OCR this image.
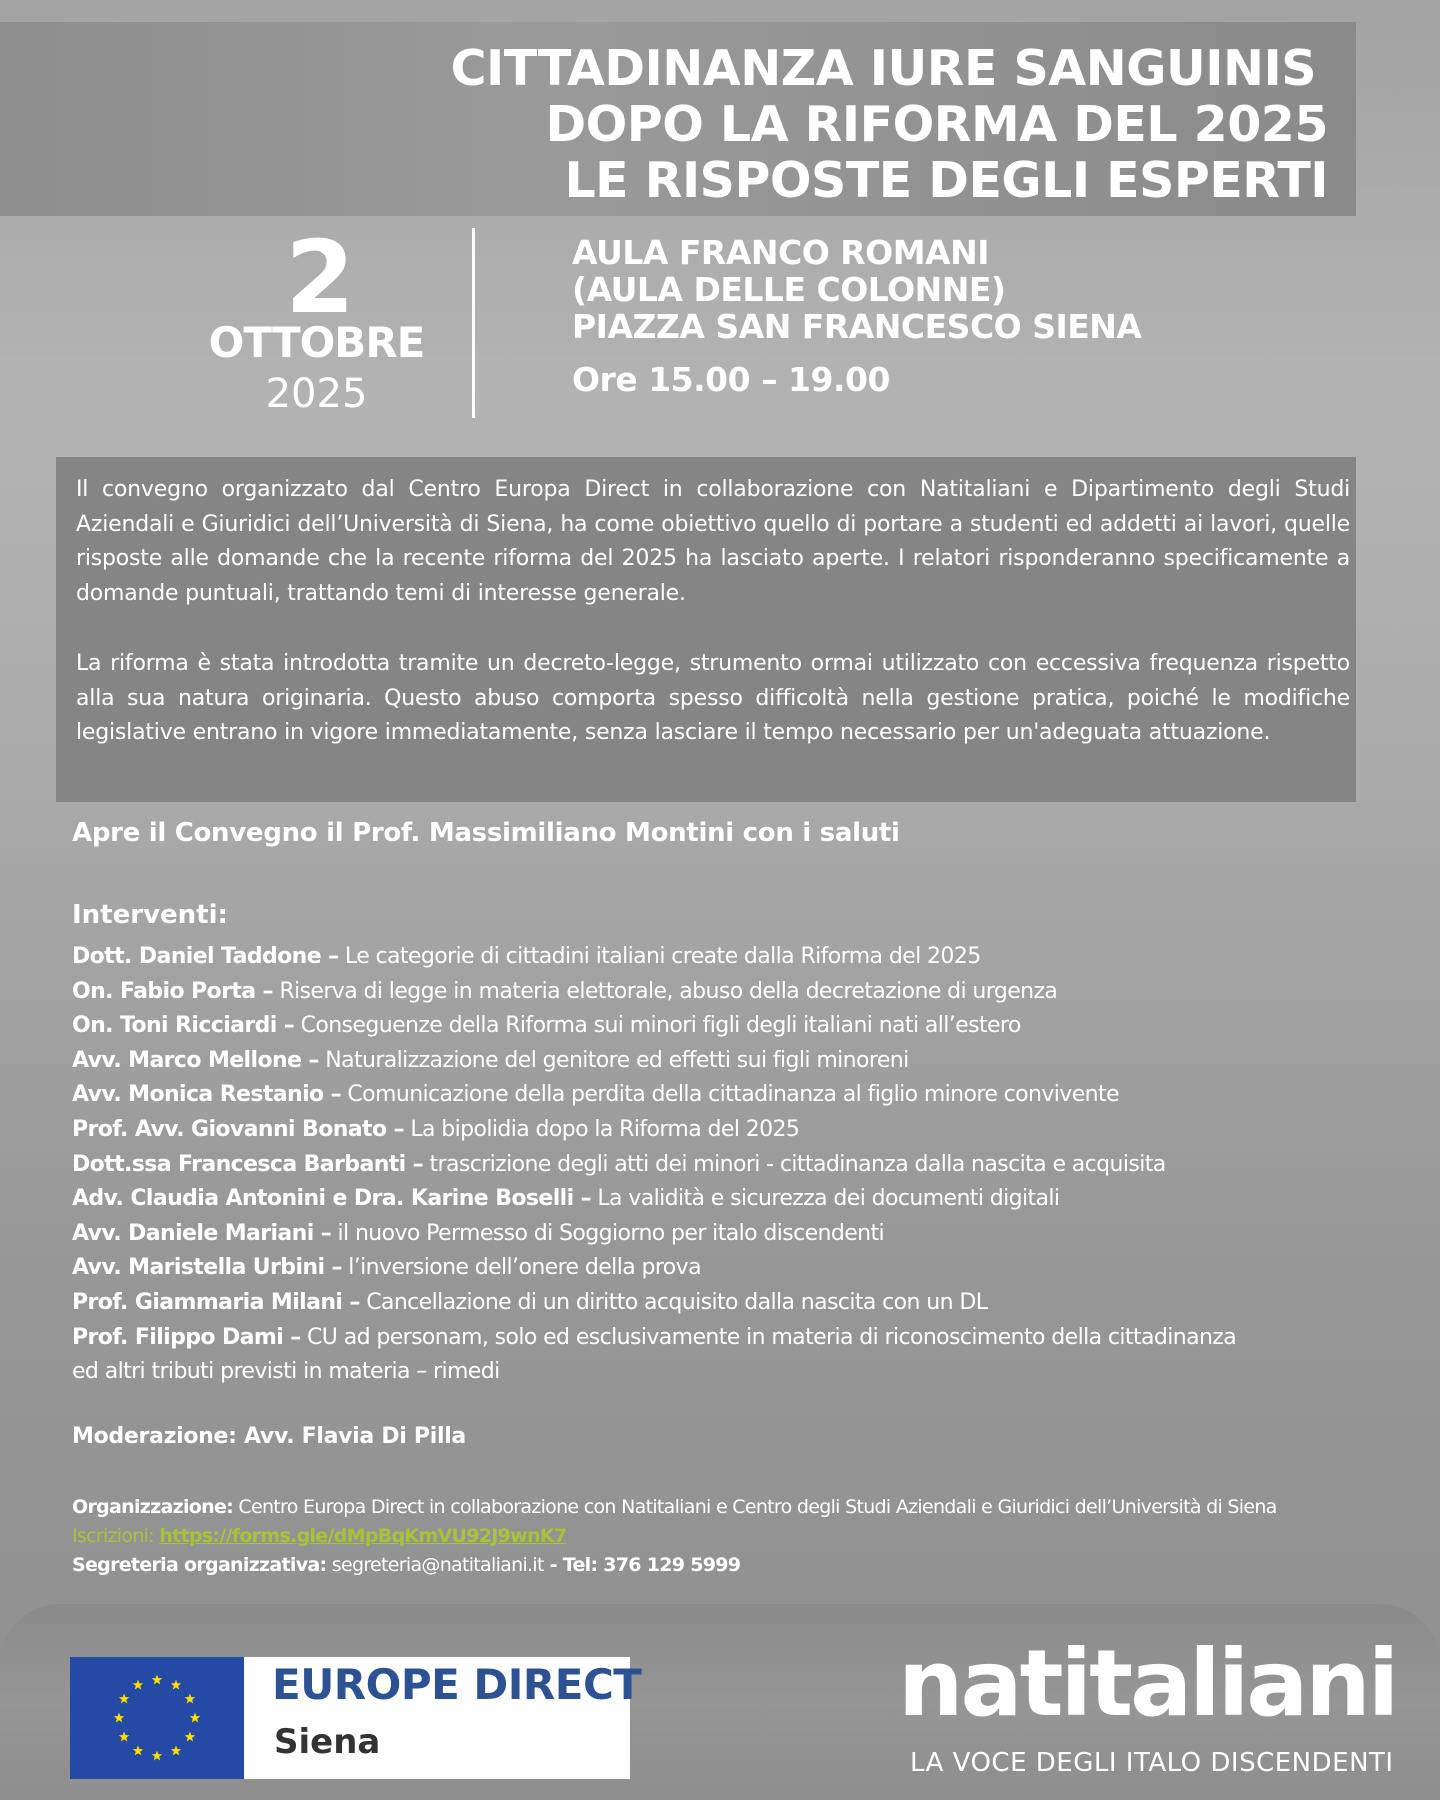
CITTADINANZA IURE SANGUINIS
DOPO LA RIFORMA DEL 2025
LE RISPOSTE DEGLI ESPERTI
2
OTTOBRE
2025
AULA FRANCO ROMANI
(AULA DELLE COLONNE)
PIAZZA SAN FRANCESCO SIENA
Ore 15.00 – 19.00

Il convegno organizzato dal Centro Europa Direct in collaborazione con Natitaliani e Dipartimento degli Studi Aziendali e Giuridici dell’Università di Siena, ha come obiettivo quello di portare a studenti ed addetti ai lavori, quelle risposte alle domande che la recente riforma del 2025 ha lasciato aperte. I relatori risponderanno specificamente a domande puntuali, trattando temi di interesse generale.

La riforma è stata introdotta tramite un decreto-legge, strumento ormai utilizzato con eccessiva frequenza rispetto alla sua natura originaria. Questo abuso comporta spesso difficoltà nella gestione pratica, poiché le modifiche legislative entrano in vigore immediatamente, senza lasciare il tempo necessario per un'adeguata attuazione.

Apre il Convegno il Prof. Massimiliano Montini con i saluti
Interventi:
Dott. Daniel Taddone – Le categorie di cittadini italiani create dalla Riforma del 2025
On. Fabio Porta – Riserva di legge in materia elettorale, abuso della decretazione di urgenza
On. Toni Ricciardi – Conseguenze della Riforma sui minori figli degli italiani nati all’estero
Avv. Marco Mellone – Naturalizzazione del genitore ed effetti sui figli minoreni
Avv. Monica Restanio – Comunicazione della perdita della cittadinanza al figlio minore convivente
Prof. Avv. Giovanni Bonato – La bipolidia dopo la Riforma del 2025
Dott.ssa Francesca Barbanti – trascrizione degli atti dei minori - cittadinanza dalla nascita e acquisita
Adv. Claudia Antonini e Dra. Karine Boselli – La validità e sicurezza dei documenti digitali
Avv. Daniele Mariani – il nuovo Permesso di Soggiorno per italo discendenti
Avv. Maristella Urbini – l’inversione dell’onere della prova
Prof. Giammaria Milani – Cancellazione di un diritto acquisito dalla nascita con un DL
Prof. Filippo Dami – CU ad personam, solo ed esclusivamente in materia di riconoscimento della cittadinanza
ed altri tributi previsti in materia – rimedi
Moderazione: Avv. Flavia Di Pilla
Organizzazione: Centro Europa Direct in collaborazione con Natitaliani e Centro degli Studi Aziendali e Giuridici dell’Università di Siena
Iscrizioni: https://forms.gle/dMpBqKmVU92J9wnK7
Segreteria organizzativa: segreteria@natitaliani.it - Tel: 376 129 5999
EUROPE DIRECT
Siena
natitaliani
LA VOCE DEGLI ITALO DISCENDENTI
